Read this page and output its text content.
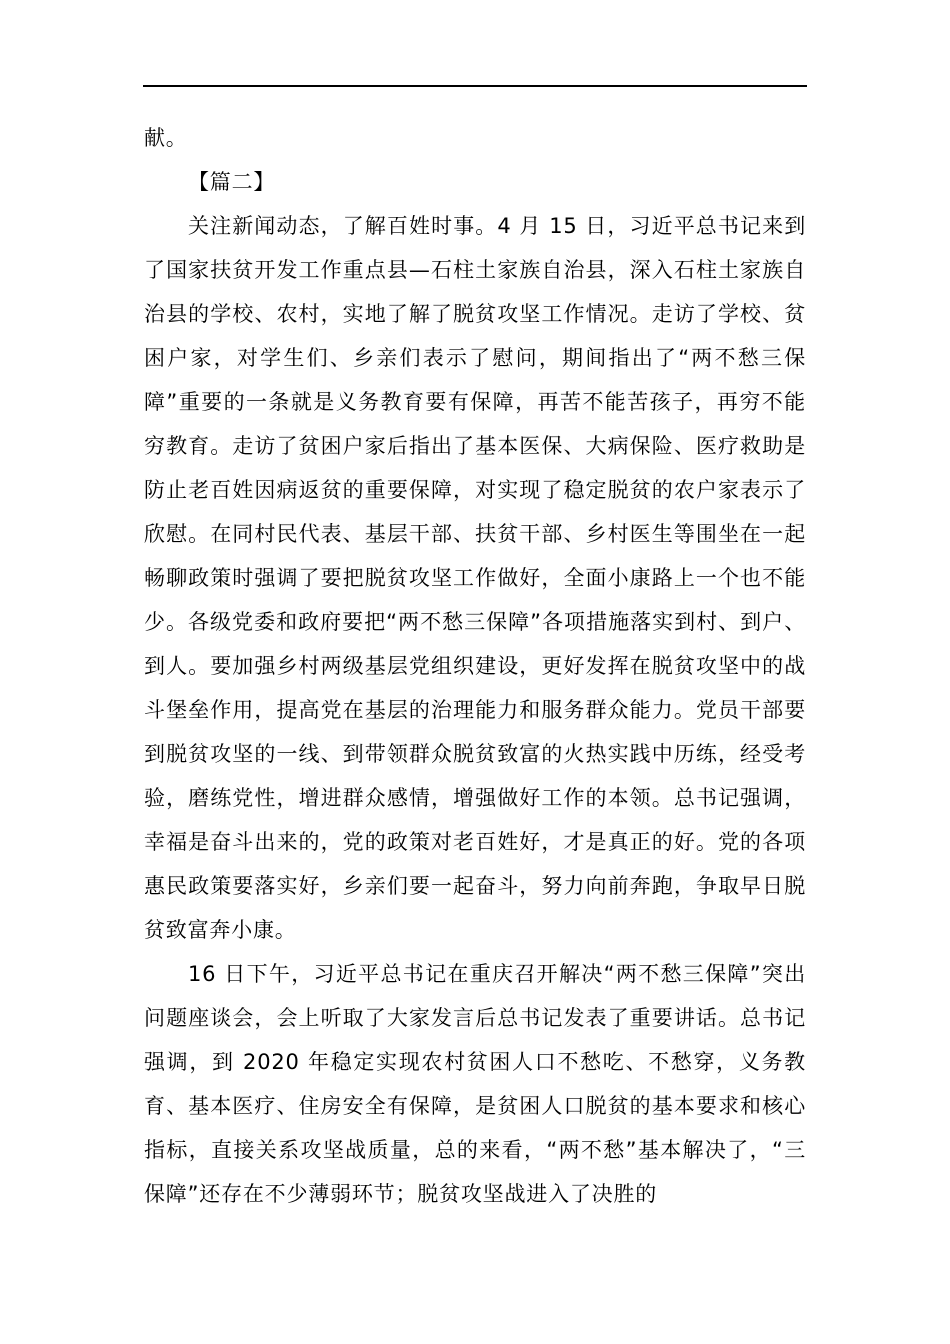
献。

【篇二】

关注新闻动态，了解百姓时事。4 月 15 日，习近平总书记来到了国家扶贫开发工作重点县—石柱土家族自治县，深入石柱土家族自治县的学校、农村，实地了解了脱贫攻坚工作情况。走访了学校、贫困户家，对学生们、乡亲们表示了慰问，期间指出了“两不愁三保障”重要的一条就是义务教育要有保障，再苦不能苦孩子，再穷不能穷教育。走访了贫困户家后指出了基本医保、大病保险、医疗救助是防止老百姓因病返贫的重要保障，对实现了稳定脱贫的农户家表示了欣慰。在同村民代表、基层干部、扶贫干部、乡村医生等围坐在一起畅聊政策时强调了要把脱贫攻坚工作做好，全面小康路上一个也不能少。各级党委和政府要把“两不愁三保障”各项措施落实到村、到户、到人。要加强乡村两级基层党组织建设，更好发挥在脱贫攻坚中的战斗堡垒作用，提高党在基层的治理能力和服务群众能力。党员干部要到脱贫攻坚的一线、到带领群众脱贫致富的火热实践中历练，经受考验，磨练党性，增进群众感情，增强做好工作的本领。总书记强调，幸福是奋斗出来的，党的政策对老百姓好，才是真正的好。党的各项惠民政策要落实好，乡亲们要一起奋斗，努力向前奔跑，争取早日脱贫致富奔小康。

16 日下午，习近平总书记在重庆召开解决“两不愁三保障”突出问题座谈会，会上听取了大家发言后总书记发表了重要讲话。总书记强调，到 2020 年稳定实现农村贫困人口不愁吃、不愁穿，义务教育、基本医疗、住房安全有保障，是贫困人口脱贫的基本要求和核心指标，直接关系攻坚战质量，总的来看，“两不愁”基本解决了，“三保障”还存在不少薄弱环节；脱贫攻坚战进入了决胜的
